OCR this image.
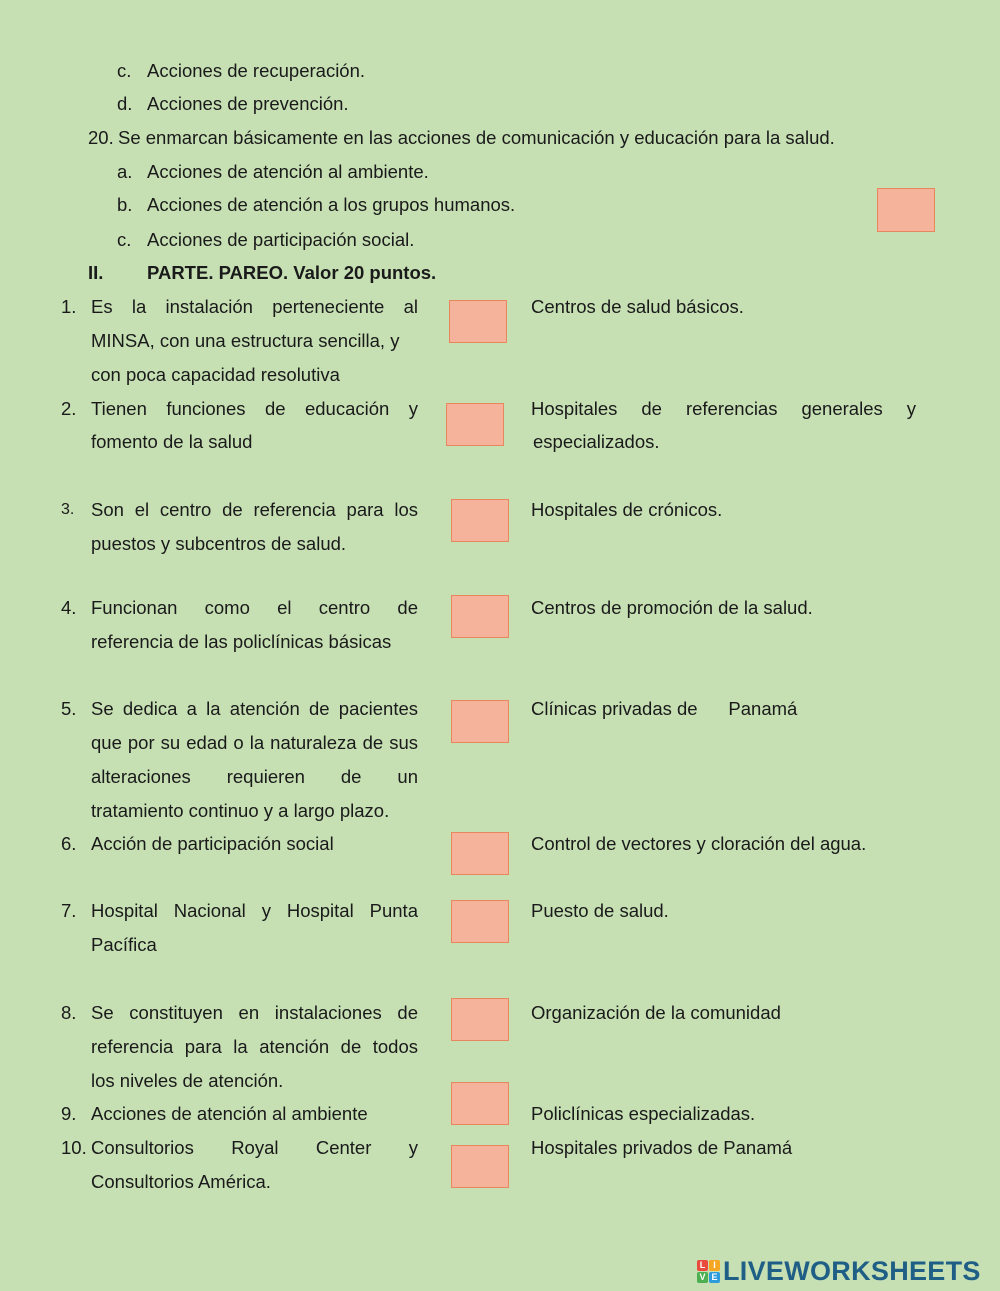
c. Acciones de recuperación.
d. Acciones de prevención.
20. Se enmarcan básicamente en las acciones de comunicación y educación para la salud.
a. Acciones de atención al ambiente.
b. Acciones de atención a los grupos humanos.
c. Acciones de participación social.
II. PARTE. PAREO. Valor 20 puntos.
1. Es la instalación perteneciente al
MINSA, con una estructura sencilla, y
con poca capacidad resolutiva
2. Tienen funciones de educación y
fomento de la salud
3. Son el centro de referencia para los
puestos y subcentros de salud.
4. Funcionan como el centro de
referencia de las policlínicas básicas
5. Se dedica a la atención de pacientes
que por su edad o la naturaleza de sus
alteraciones requieren de un
tratamiento continuo y a largo plazo.
6. Acción de participación social
7. Hospital Nacional y Hospital Punta
Pacífica
8. Se constituyen en instalaciones de
referencia para la atención de todos
los niveles de atención.
9. Acciones de atención al ambiente
10. Consultorios Royal Center y
Consultorios América.
Centros de salud básicos.
Hospitales de referencias generales y
especializados.
Hospitales de crónicos.
Centros de promoción de la salud.
Clínicas privadas de      Panamá
Control de vectores y cloración del agua.
Puesto de salud.
Organización de la comunidad
Policlínicas especializadas.
Hospitales privados de Panamá
L I
V E LIVEWORKSHEETS
